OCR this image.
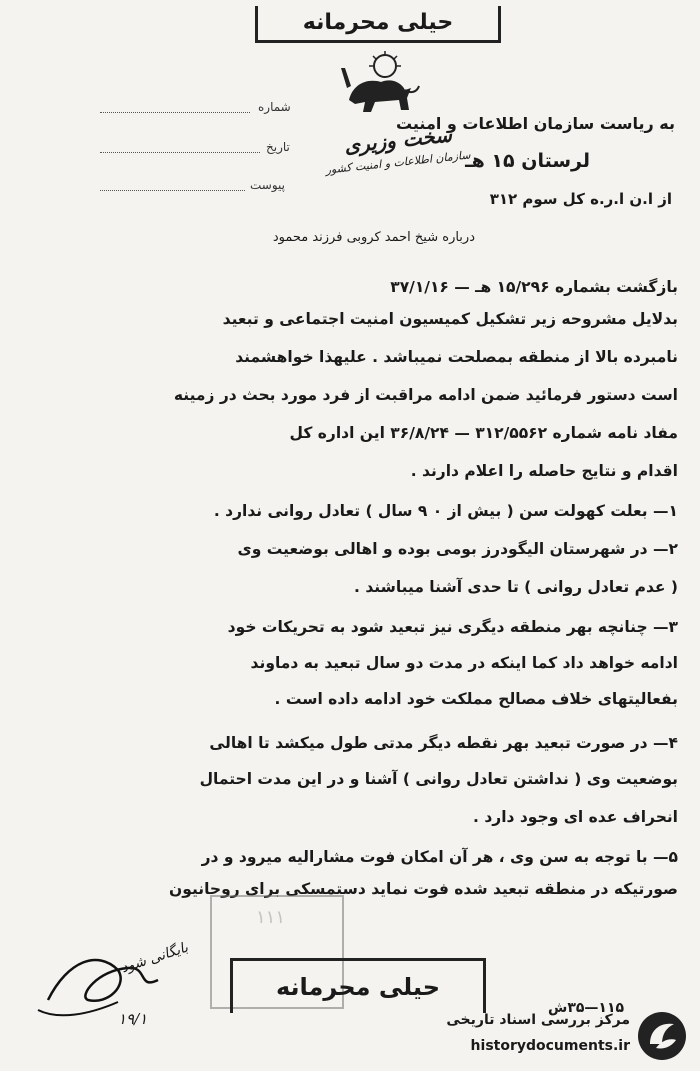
حیلی محرمانه
شماره
تاریخ
پیوست
به ریاست سازمان اطلاعات و امنیت
سخت وزیری
سازمان اطلاعات و امنیت کشور
لرستان ۱۵ هـ
از ا.ن ا.ر.ه کل سوم ۳۱۲
درباره شیخ احمد کروبی فرزند محمود
بازگشت بشماره ۱۵/۲۹۶ هـ — ۳۷/۱/۱۶
بدلایل مشروحه زیر تشکیل کمیسیون امنیت اجتماعی و تبعید
نامبرده بالا از منطقه بمصلحت نمیباشد . علیهذا خواهشمند
است دستور فرمائید ضمن ادامه مراقبت از فرد مورد بحث در زمینه
مفاد نامه شماره ۳۱۲/۵۵۶۲ — ۳۶/۸/۲۴ این اداره کل
اقدام و نتایج حاصله را اعلام دارند .
۱— بعلت کهولت سن ( بیش از ۰ ۹ سال ) تعادل روانی ندارد .
۲— در شهرستان الیگودرز بومی بوده و اهالی بوضعیت وی
( عدم تعادل روانی ) تا حدی آشنا میباشند .
۳— چنانچه بهر منطقه دیگری نیز تبعید شود به تحریکات خود
ادامه خواهد داد کما اینکه در مدت دو سال تبعید به دماوند
بفعالیتهای خلاف مصالح مملکت خود ادامه داده است .
۴— در صورت تبعید بهر نقطه دیگر مدتی طول میکشد تا اهالی
بوضعیت وی ( نداشتن تعادل روانی ) آشنا و در این مدت احتمال
انحراف عده ای وجود دارد .
۵— با توجه به سن وی ، هر آن امکان فوت مشارالیه میرود و در
صورتیکه در منطقه تبعید شده فوت نماید دستمسکی برای روحانیون
۱۱۱
حیلی محرمانه
بایگانی شود
۱۹/۱
۱۱۵—۳۵ش
مرکز بررسی اسناد تاریخی
historydocuments.ir
